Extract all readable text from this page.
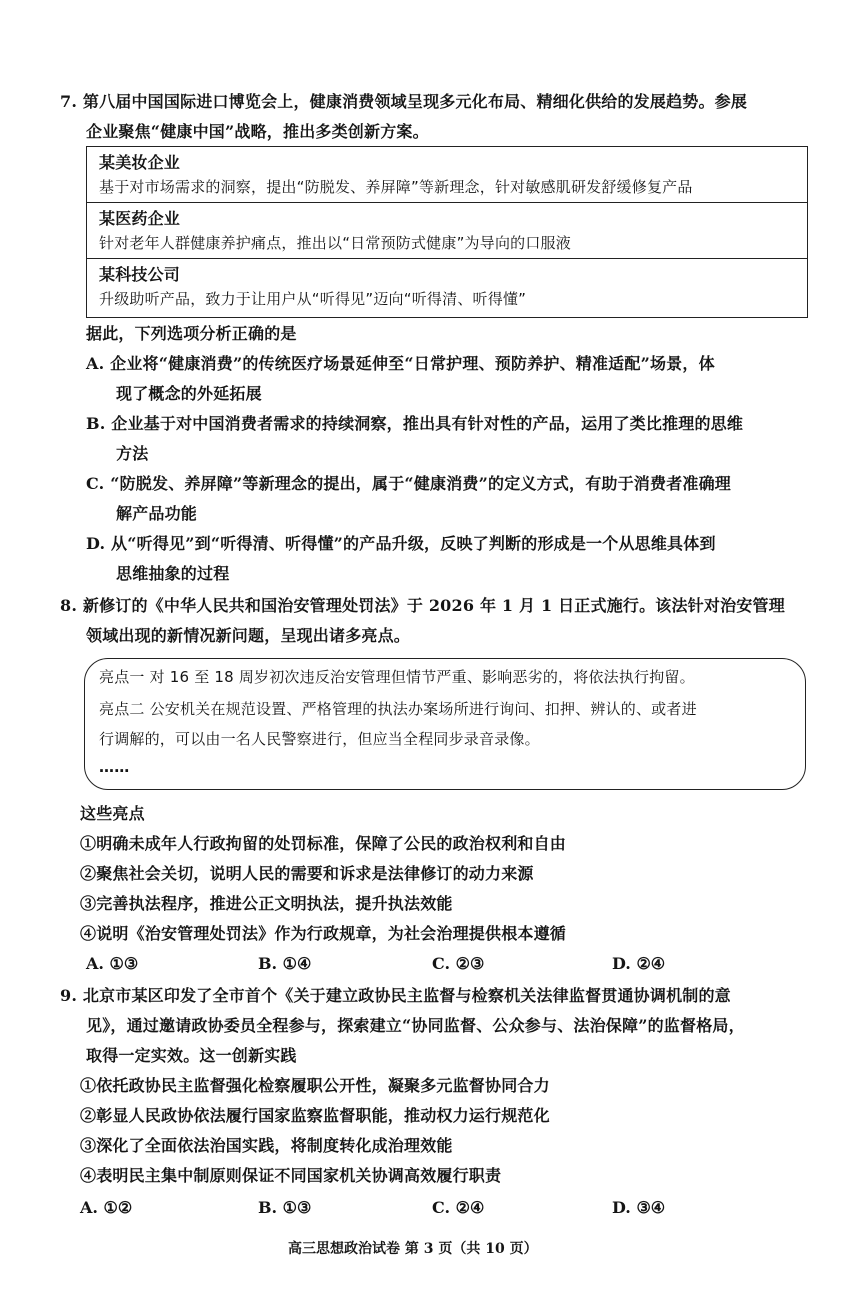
7. 第八届中国国际进口博览会上，健康消费领域呈现多元化布局、精细化供给的发展趋势。参展
企业聚焦“健康中国”战略，推出多类创新方案。
某美妆企业
基于对市场需求的洞察，提出“防脱发、养屏障”等新理念，针对敏感肌研发舒缓修复产品
某医药企业
针对老年人群健康养护痛点，推出以“日常预防式健康”为导向的口服液
某科技公司
升级助听产品，致力于让用户从“听得见”迈向“听得清、听得懂”
据此，下列选项分析正确的是
A. 企业将“健康消费”的传统医疗场景延伸至“日常护理、预防养护、精准适配”场景，体
现了概念的外延拓展
B. 企业基于对中国消费者需求的持续洞察，推出具有针对性的产品，运用了类比推理的思维
方法
C. “防脱发、养屏障”等新理念的提出，属于“健康消费”的定义方式，有助于消费者准确理
解产品功能
D. 从“听得见”到“听得清、听得懂”的产品升级，反映了判断的形成是一个从思维具体到
思维抽象的过程
8. 新修订的《中华人民共和国治安管理处罚法》于 2026 年 1 月 1 日正式施行。该法针对治安管理
领域出现的新情况新问题，呈现出诸多亮点。
亮点一 对 16 至 18 周岁初次违反治安管理但情节严重、影响恶劣的，将依法执行拘留。
亮点二 公安机关在规范设置、严格管理的执法办案场所进行询问、扣押、辨认的、或者进
行调解的，可以由一名人民警察进行，但应当全程同步录音录像。
……
这些亮点
①明确未成年人行政拘留的处罚标准，保障了公民的政治权利和自由
②聚焦社会关切，说明人民的需要和诉求是法律修订的动力来源
③完善执法程序，推进公正文明执法，提升执法效能
④说明《治安管理处罚法》作为行政规章，为社会治理提供根本遵循
A. ①③	B. ①④	C. ②③	D. ②④
9. 北京市某区印发了全市首个《关于建立政协民主监督与检察机关法律监督贯通协调机制的意
见》，通过邀请政协委员全程参与，探索建立“协同监督、公众参与、法治保障”的监督格局，
取得一定实效。这一创新实践
①依托政协民主监督强化检察履职公开性，凝聚多元监督协同合力
②彰显人民政协依法履行国家监察监督职能，推动权力运行规范化
③深化了全面依法治国实践，将制度转化成治理效能
④表明民主集中制原则保证不同国家机关协调高效履行职责
A. ①②	B. ①③	C. ②④	D. ③④
高三思想政治试卷 第 3 页（共 10 页）
